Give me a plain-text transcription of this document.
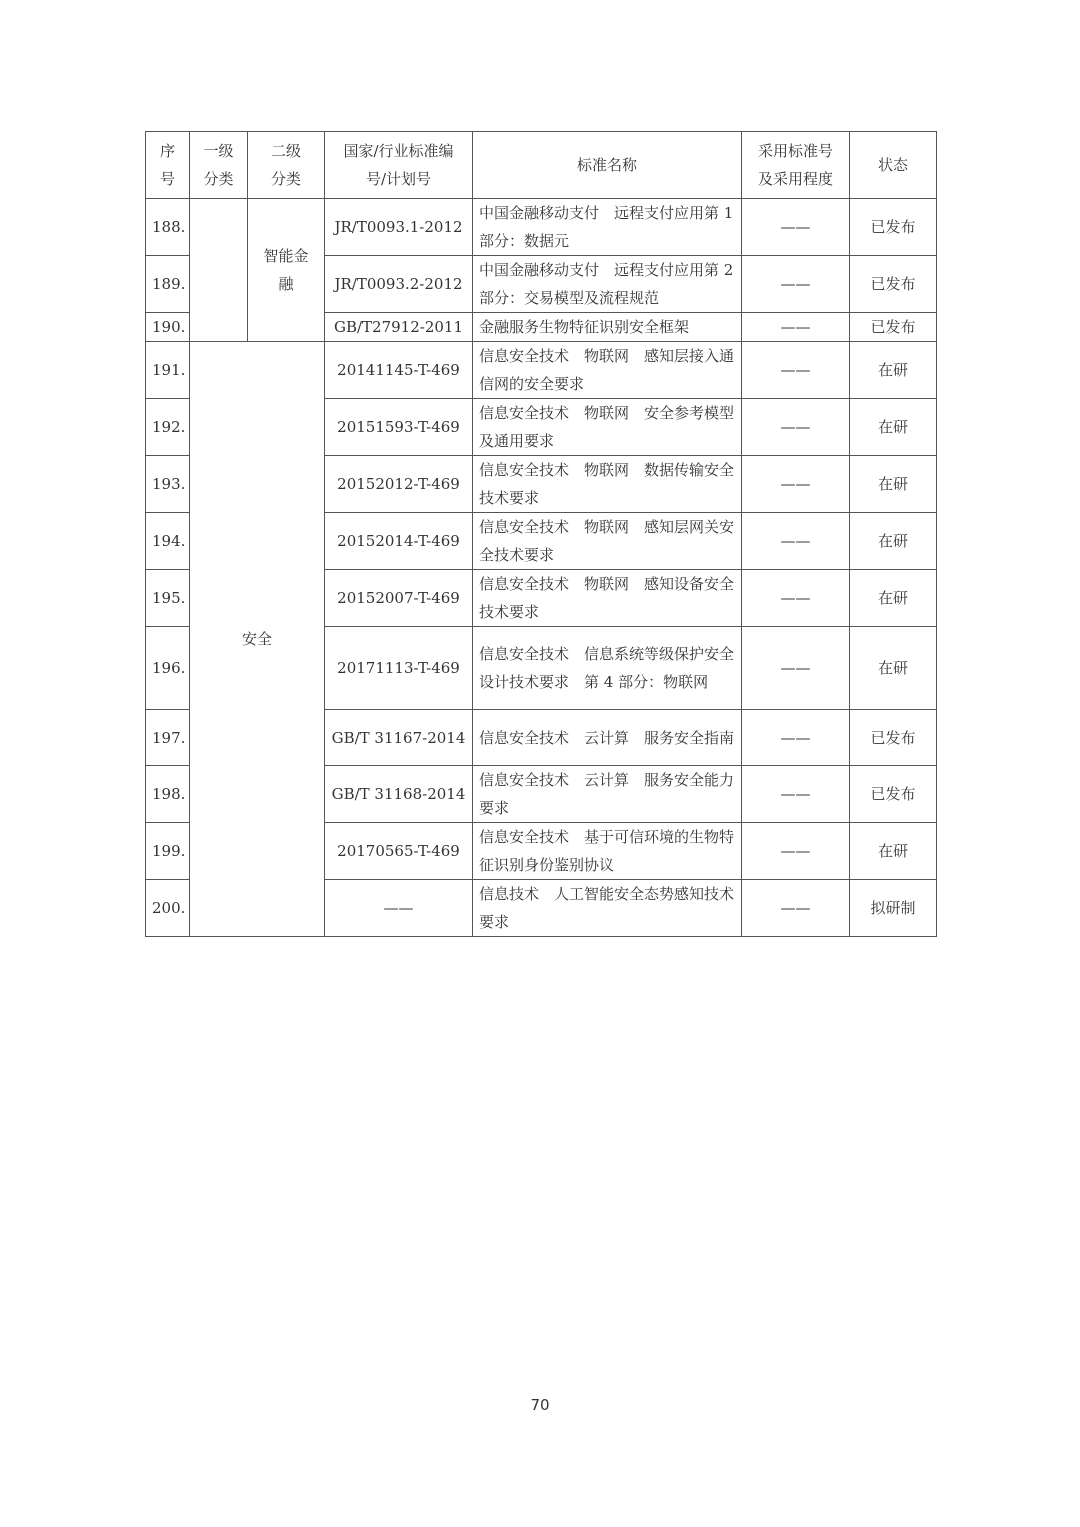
序号	一级分类	二级分类	国家/行业标准编号/计划号	标准名称	采用标准号及采用程度	状态
188.		智能金融	JR/T0093.1-2012	中国金融移动支付　远程支付应用第 1 部分：数据元	——	已发布
189.			JR/T0093.2-2012	中国金融移动支付　远程支付应用第 2 部分：交易模型及流程规范	——	已发布
190.			GB/T27912-2011	金融服务生物特征识别安全框架	——	已发布
191.	安全		20141145-T-469	信息安全技术　物联网　感知层接入通信网的安全要求	——	在研
192.			20151593-T-469	信息安全技术　物联网　安全参考模型及通用要求	——	在研
193.			20152012-T-469	信息安全技术　物联网　数据传输安全技术要求	——	在研
194.			20152014-T-469	信息安全技术　物联网　感知层网关安全技术要求	——	在研
195.			20152007-T-469	信息安全技术　物联网　感知设备安全技术要求	——	在研
196.			20171113-T-469	信息安全技术　信息系统等级保护安全设计技术要求　第 4 部分：物联网	——	在研
197.			GB/T 31167-2014	信息安全技术　云计算　服务安全指南	——	已发布
198.			GB/T 31168-2014	信息安全技术　云计算　服务安全能力要求	——	已发布
199.			20170565-T-469	信息安全技术　基于可信环境的生物特征识别身份鉴别协议	——	在研
200.			——	信息技术　人工智能安全态势感知技术要求	——	拟研制
70
